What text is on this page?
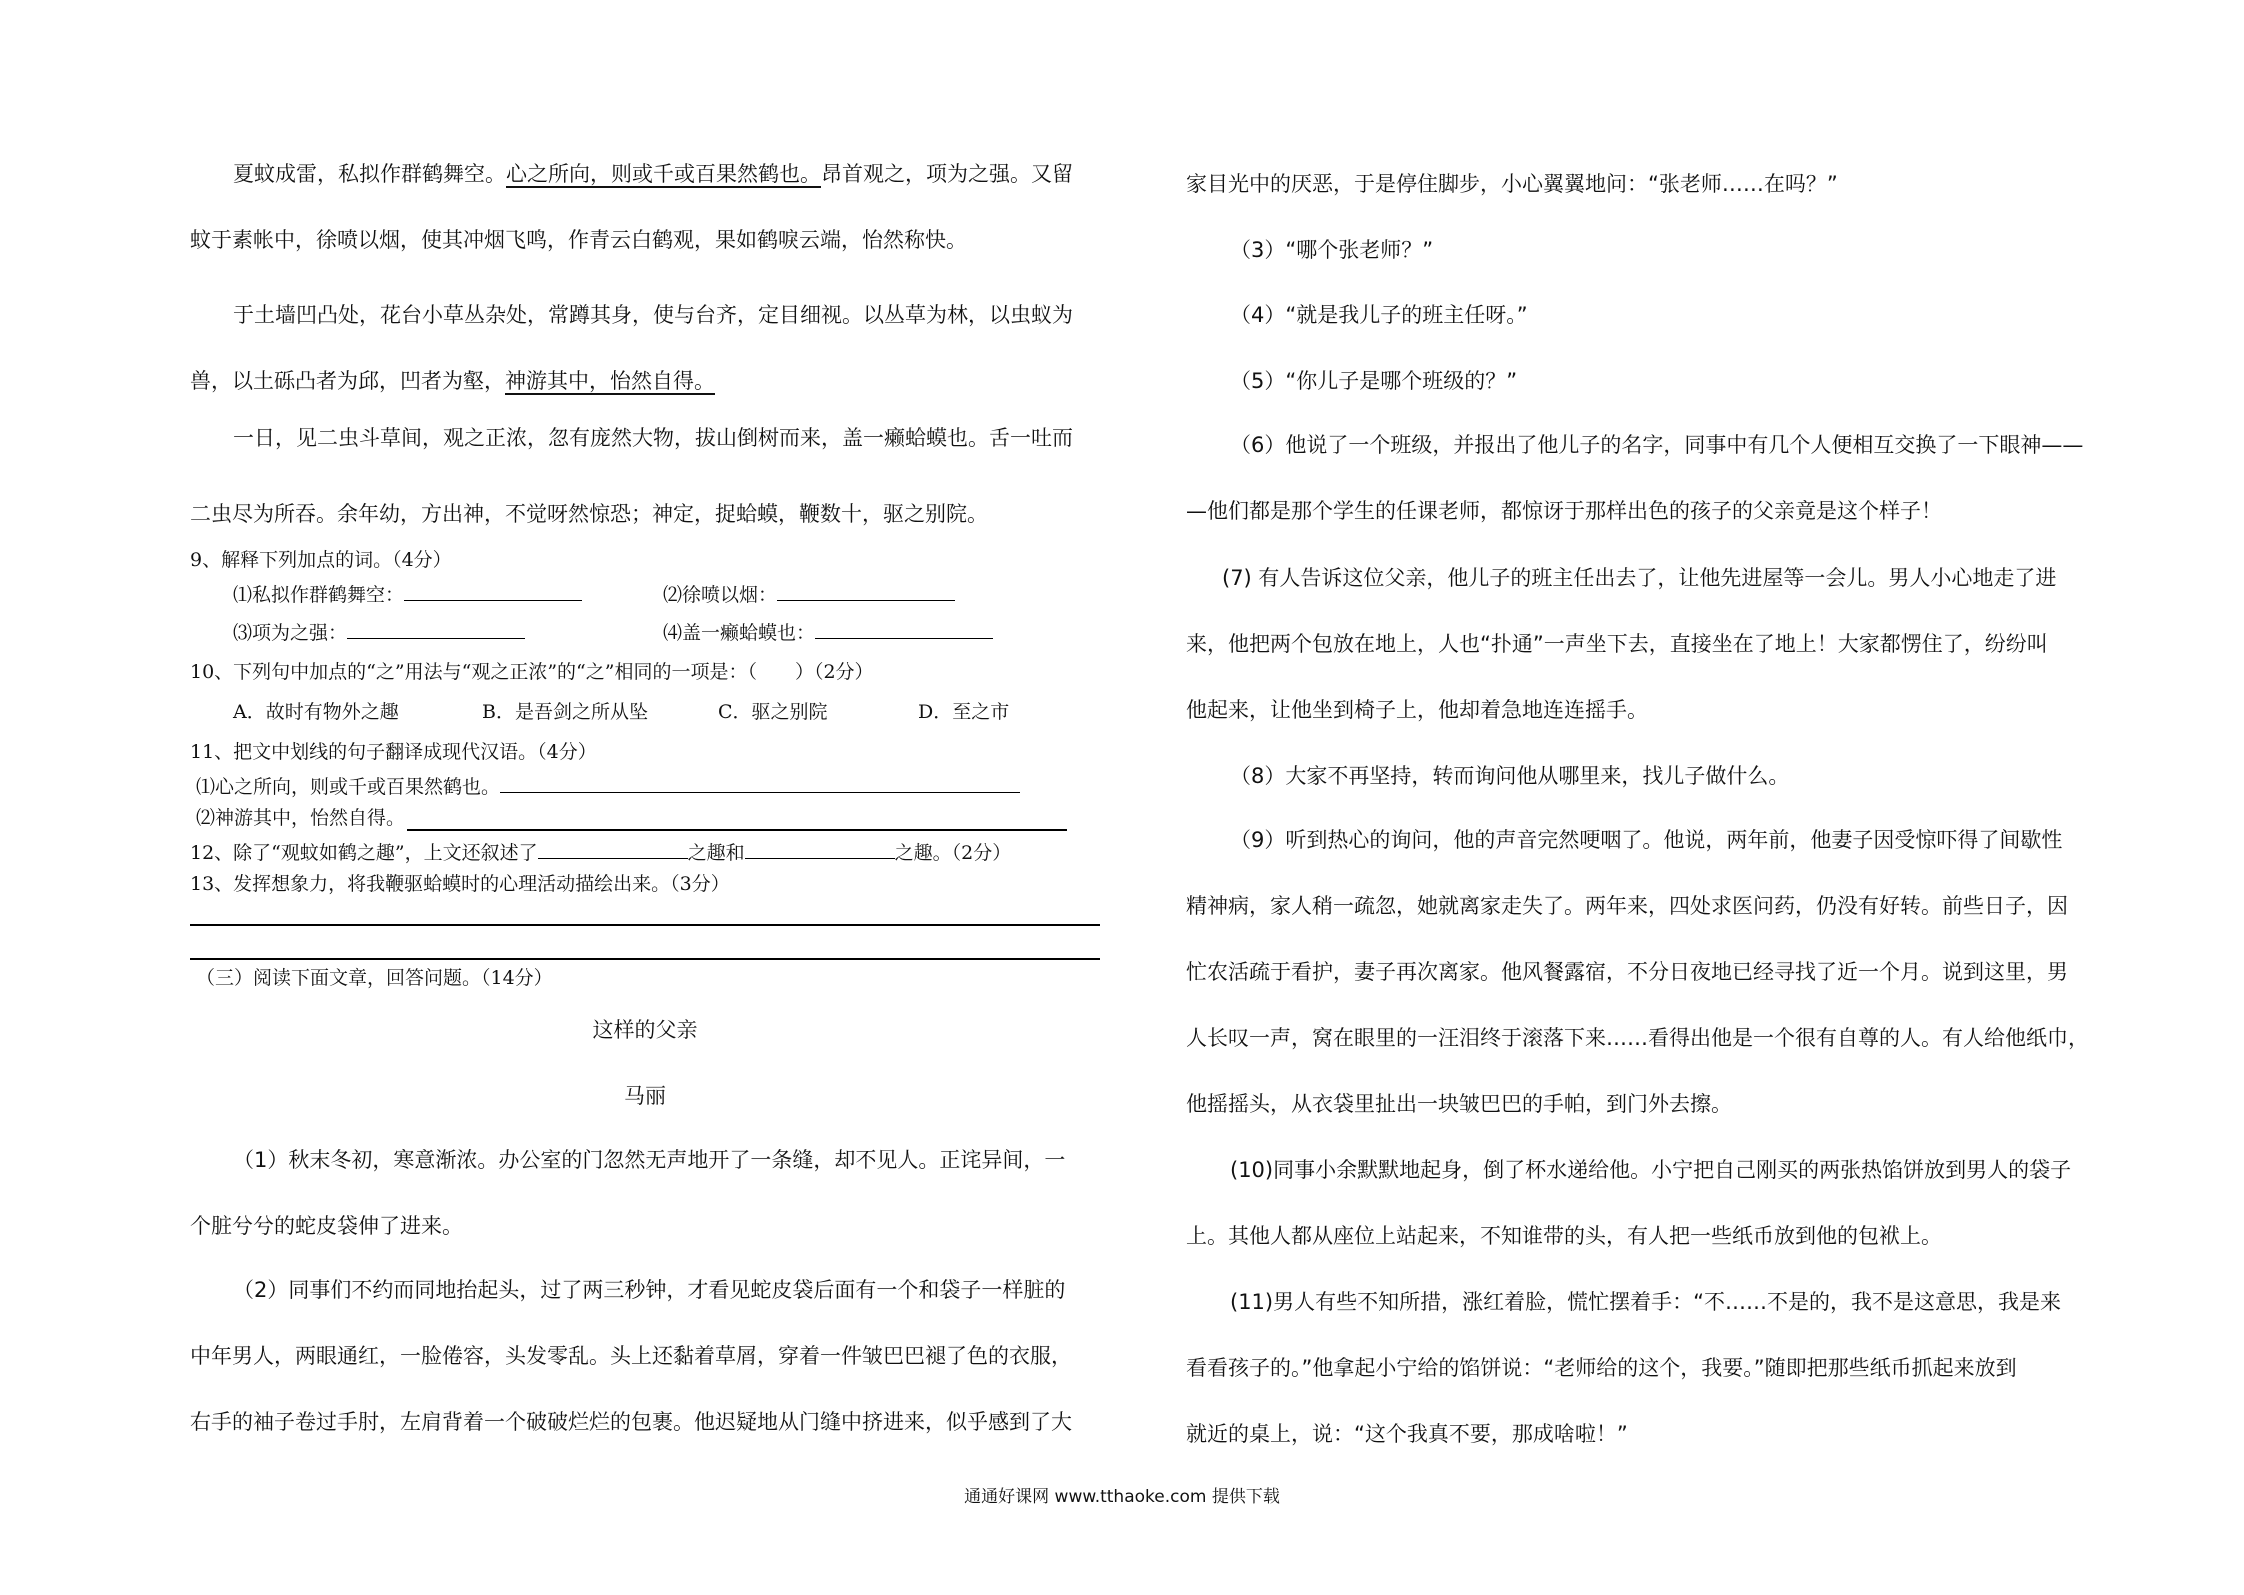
夏蚊成雷，私拟作群鹤舞空。心之所向，则或千或百果然鹤也。昂首观之，项为之强。又留
蚊于素帐中，徐喷以烟，使其冲烟飞鸣，作青云白鹤观，果如鹤唳云端，怡然称快。
于土墙凹凸处，花台小草丛杂处，常蹲其身，使与台齐，定目细视。以丛草为林，以虫蚁为
兽，以土砾凸者为邱，凹者为壑，神游其中，怡然自得。
一日，见二虫斗草间，观之正浓，忽有庞然大物，拔山倒树而来，盖一癞蛤蟆也。舌一吐而
二虫尽为所吞。余年幼，方出神，不觉呀然惊恐；神定，捉蛤蟆，鞭数十，驱之别院。
9、解释下列加点的词。（4分）
⑴私拟作群鹤舞空：	⑵徐喷以烟：
⑶项为之强：	⑷盖一癞蛤蟆也：
10、下列句中加点的“之”用法与“观之正浓”的“之”相同的一项是：（　　）（2分）
A．故时有物外之趣	B．是吾剑之所从坠	C．驱之别院	D．至之市
11、把文中划线的句子翻译成现代汉语。（4分）
⑴心之所向，则或千或百果然鹤也。
⑵神游其中，怡然自得。
12、除了“观蚊如鹤之趣”，上文还叙述了	之趣和	之趣。（2分）
13、发挥想象力，将我鞭驱蛤蟆时的心理活动描绘出来。（3分）
（三）阅读下面文章，回答问题。（14分）
这样的父亲
马丽
（1）秋末冬初，寒意渐浓。办公室的门忽然无声地开了一条缝，却不见人。正诧异间，一
个脏兮兮的蛇皮袋伸了进来。
（2）同事们不约而同地抬起头，过了两三秒钟，才看见蛇皮袋后面有一个和袋子一样脏的
中年男人，两眼通红，一脸倦容，头发零乱。头上还黏着草屑，穿着一件皱巴巴褪了色的衣服，
右手的袖子卷过手肘，左肩背着一个破破烂烂的包裹。他迟疑地从门缝中挤进来，似乎感到了大
家目光中的厌恶，于是停住脚步，小心翼翼地问：“张老师……在吗？”
（3）“哪个张老师？”
（4）“就是我儿子的班主任呀。”
（5）“你儿子是哪个班级的？”
（6）他说了一个班级，并报出了他儿子的名字，同事中有几个人便相互交换了一下眼神——
—他们都是那个学生的任课老师，都惊讶于那样出色的孩子的父亲竟是这个样子！
(7) 有人告诉这位父亲，他儿子的班主任出去了，让他先进屋等一会儿。男人小心地走了进
来，他把两个包放在地上，人也“扑通”一声坐下去，直接坐在了地上！大家都愣住了，纷纷叫
他起来，让他坐到椅子上，他却着急地连连摇手。
（8）大家不再坚持，转而询问他从哪里来，找儿子做什么。
（9）听到热心的询问，他的声音完然哽咽了。他说，两年前，他妻子因受惊吓得了间歇性
精神病，家人稍一疏忽，她就离家走失了。两年来，四处求医问药，仍没有好转。前些日子，因
忙农活疏于看护，妻子再次离家。他风餐露宿，不分日夜地已经寻找了近一个月。说到这里，男
人长叹一声，窝在眼里的一汪泪终于滚落下来……看得出他是一个很有自尊的人。有人给他纸巾，
他摇摇头，从衣袋里扯出一块皱巴巴的手帕，到门外去擦。
(10)同事小余默默地起身，倒了杯水递给他。小宁把自己刚买的两张热馅饼放到男人的袋子
上。其他人都从座位上站起来，不知谁带的头，有人把一些纸币放到他的包袱上。
(11)男人有些不知所措，涨红着脸，慌忙摆着手：“不……不是的，我不是这意思，我是来
看看孩子的。”他拿起小宁给的馅饼说：“老师给的这个，我要。”随即把那些纸币抓起来放到
就近的桌上，说：“这个我真不要，那成啥啦！”
通通好课网 www.tthaoke.com 提供下载
